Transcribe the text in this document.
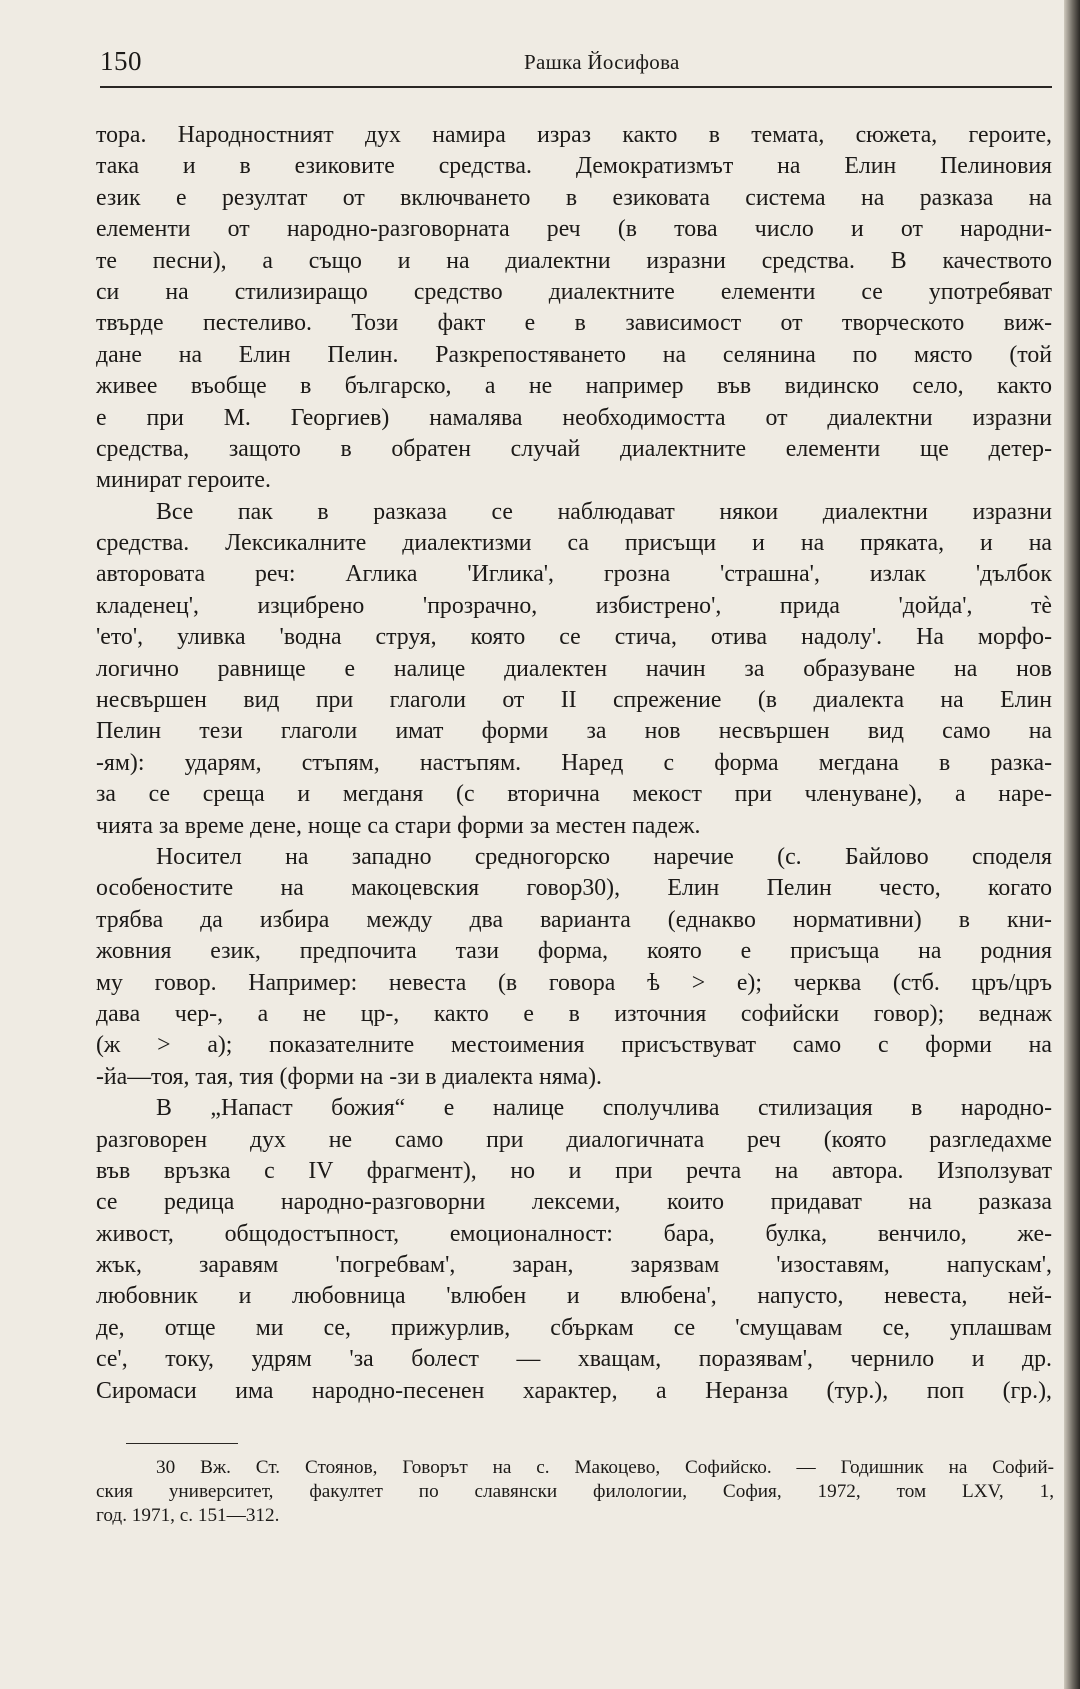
150	Рашка Йосифова
тора. Народностният дух намира израз както в темата, сюжета, героите,
така и в езиковите средства. Демократизмът на Елин Пелиновия
език е резултат от включването в езиковата система на разказа на
елементи от народно-разговорната реч (в това число и от народни-
те песни), а също и на диалектни изразни средства. В качеството
си на стилизиращо средство диалектните елементи се употребяват
твърде пестеливо. Този факт е в зависимост от творческото виж-
дане на Елин Пелин. Разкрепостяването на селянина по място (той
живее въобще в българско, а не например във видинско село, както
е при М. Георгиев) намалява необходимостта от диалектни изразни
средства, защото в обратен случай диалектните елементи ще детер-
минират героите.
Все пак в разказа се наблюдават някои диалектни изразни
средства. Лексикалните диалектизми са присъщи и на пряката, и на
авторовата реч: Аглика 'Иглика', грозна 'страшна', излак 'дълбок
кладенец', изцибрено 'прозрачно, избистрено', прида 'дойда', тѐ
'ето', уливка 'водна струя, която се стича, отива надолу'. На морфо-
логично равнище е налице диалектен начин за образуване на нов
несвършен вид при глаголи от II спрежение (в диалекта на Елин
Пелин тези глаголи имат форми за нов несвършен вид само на
-ям): ударям, стъпям, настъпям. Наред с форма мегдана в разка-
за се среща и мегданя (с вторична мекост при членуване), а наре-
чията за време дене, нощe са стари форми за местен падеж.
Носител на западно средногорско наречие (с. Байлово споделя
особеностите на макоцевския говор30), Елин Пелин често, когато
трябва да избира между два варианта (еднакво нормативни) в кни-
жовния език, предпочита тази форма, която е присъща на родния
му говор. Например: невеста (в говора ѣ > е); черква (стб. цръ/цръ
дава чер-, а не цр-, както е в източния софийски говор); веднаж
(ж > а); показателните местоимения присъствуват само с форми на
-йа—тоя, тая, тия (форми на -зи в диалекта няма).
В „Напаст божия“ е налице сполучлива стилизация в народно-
разговорен дух не само при диалогичната реч (която разгледахме
във връзка с IV фрагмент), но и при речта на автора. Използуват
се редица народно-разговорни лексеми, които придават на разказа
живост, общодостъпност, емоционалност: бара, булка, венчило, же-
жък, заравям 'погребвам', заран, зарязвам 'изоставям, напускам',
любовник и любовница 'влюбен и влюбена', напусто, невеста, ней-
де, отще ми се, прижурлив, сбъркам се 'смущавам се, уплашвам
се', току, удрям 'за болест — хващам, поразявам', чернило и др.
Сиромаси има народно-песенен характер, а Неранза (тур.), поп (гр.),
30 Вж. Ст. Стоянов, Говорът на с. Макоцево, Софийско. — Годишник на Софий-
ския университет, факултет по славянски филологии, София, 1972, том LXV, 1,
год. 1971, с. 151—312.
